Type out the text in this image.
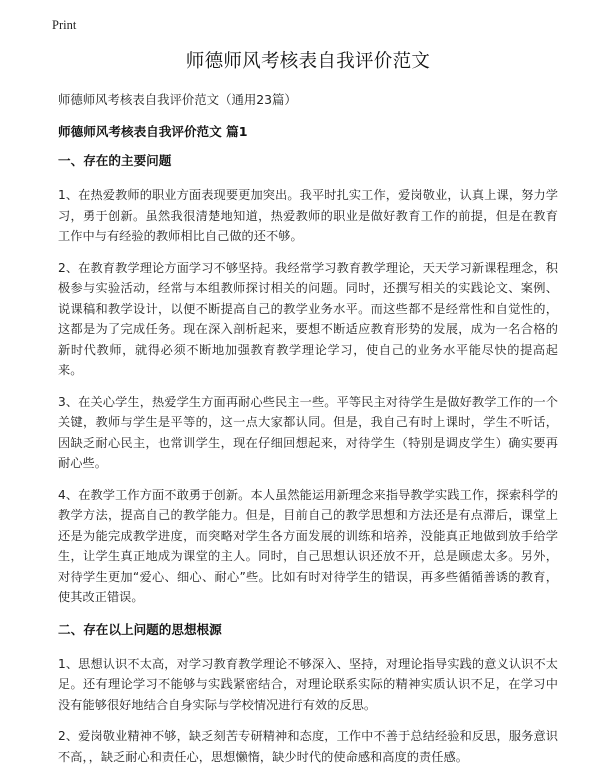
Print
师德师风考核表自我评价范文
师德师风考核表自我评价范文（通用23篇）
师德师风考核表自我评价范文 篇1
一、存在的主要问题

1、在热爱教师的职业方面表现要更加突出。我平时扎实工作，爱岗敬业，认真上课，努力学习，勇于创新。虽然我很清楚地知道，热爱教师的职业是做好教育工作的前提，但是在教育工作中与有经验的教师相比自己做的还不够。

2、在教育教学理论方面学习不够坚持。我经常学习教育教学理论，天天学习新课程理念，积极参与实验活动，经常与本组教师探讨相关的问题。同时，还撰写相关的实践论文、案例、说课稿和教学设计，以便不断提高自己的教学业务水平。而这些都不是经常性和自觉性的，这都是为了完成任务。现在深入剖析起来，要想不断适应教育形势的发展，成为一名合格的新时代教师，就得必须不断地加强教育教学理论学习，使自己的业务水平能尽快的提高起来。

3、在关心学生，热爱学生方面再耐心些民主一些。平等民主对待学生是做好教学工作的一个关键，教师与学生是平等的，这一点大家都认同。但是，我自己有时上课时，学生不听话，因缺乏耐心民主，也常训学生，现在仔细回想起来，对待学生（特别是调皮学生）确实要再耐心些。

4、在教学工作方面不敢勇于创新。本人虽然能运用新理念来指导教学实践工作，探索科学的教学方法，提高自己的教学能力。但是，目前自己的教学思想和方法还是有点滞后，课堂上还是为能完成教学进度，而突略对学生各方面发展的训练和培养，没能真正地做到放手给学生，让学生真正地成为课堂的主人。同时，自己思想认识还放不开，总是顾虑太多。另外，对待学生更加“爱心、细心、耐心”些。比如有时对待学生的错误，再多些循循善诱的教育，使其改正错误。

二、存在以上问题的思想根源

1、思想认识不太高，对学习教育教学理论不够深入、坚持，对理论指导实践的意义认识不太足。还有理论学习不能够与实践紧密结合，对理论联系实际的精神实质认识不足，在学习中没有能够很好地结合自身实际与学校情况进行有效的反思。

2、爱岗敬业精神不够，缺乏刻苦专研精神和态度，工作中不善于总结经验和反思，服务意识不高，，缺乏耐心和责任心，思想懒惰，缺少时代的使命感和高度的责任感。
